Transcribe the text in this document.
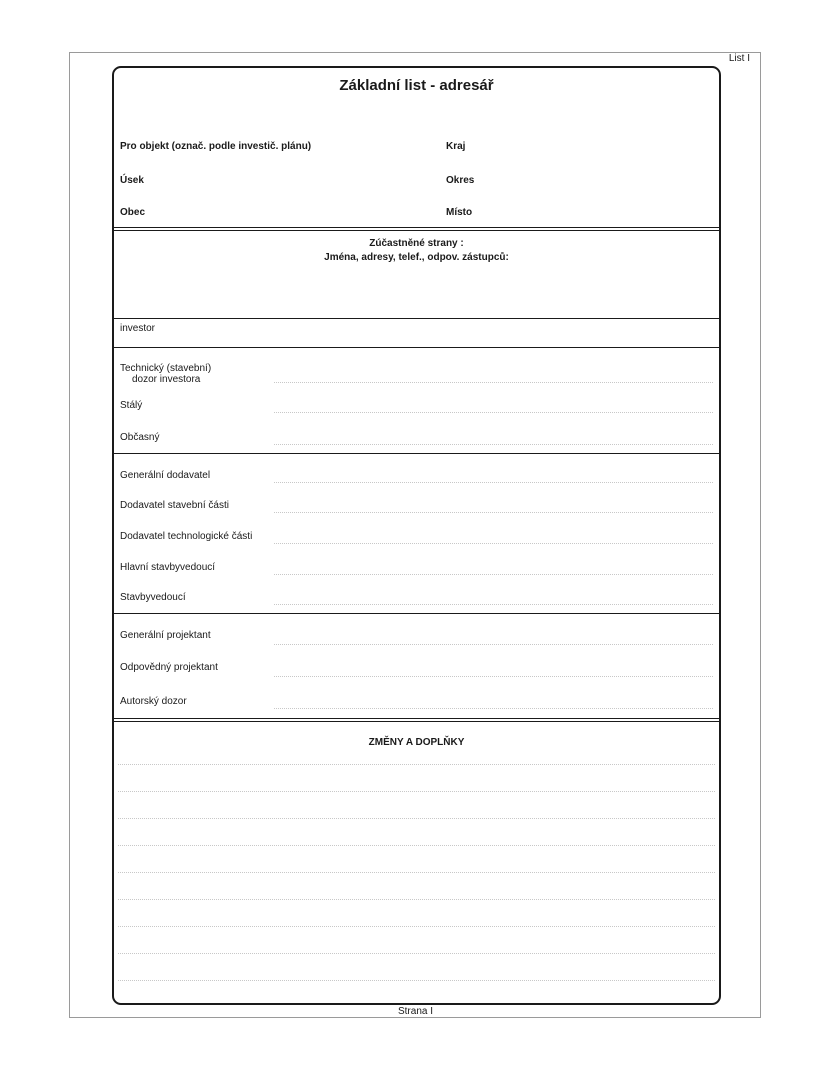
List I
Základní list - adresář
Pro objekt (označ. podle investič. plánu)	Kraj
Úsek	Okres
Obec	Místo
Zúčastněné strany :
Jména, adresy, telef., odpov. zástupců:
investor
Technický (stavební)
dozor investora
Stálý
Občasný
Generální dodavatel
Dodavatel stavební části
Dodavatel technologické části
Hlavní stavbyvedoucí
Stavbyvedoucí
Generální projektant
Odpovědný projektant
Autorský dozor
ZMĚNY A DOPLŇKY
Strana I
